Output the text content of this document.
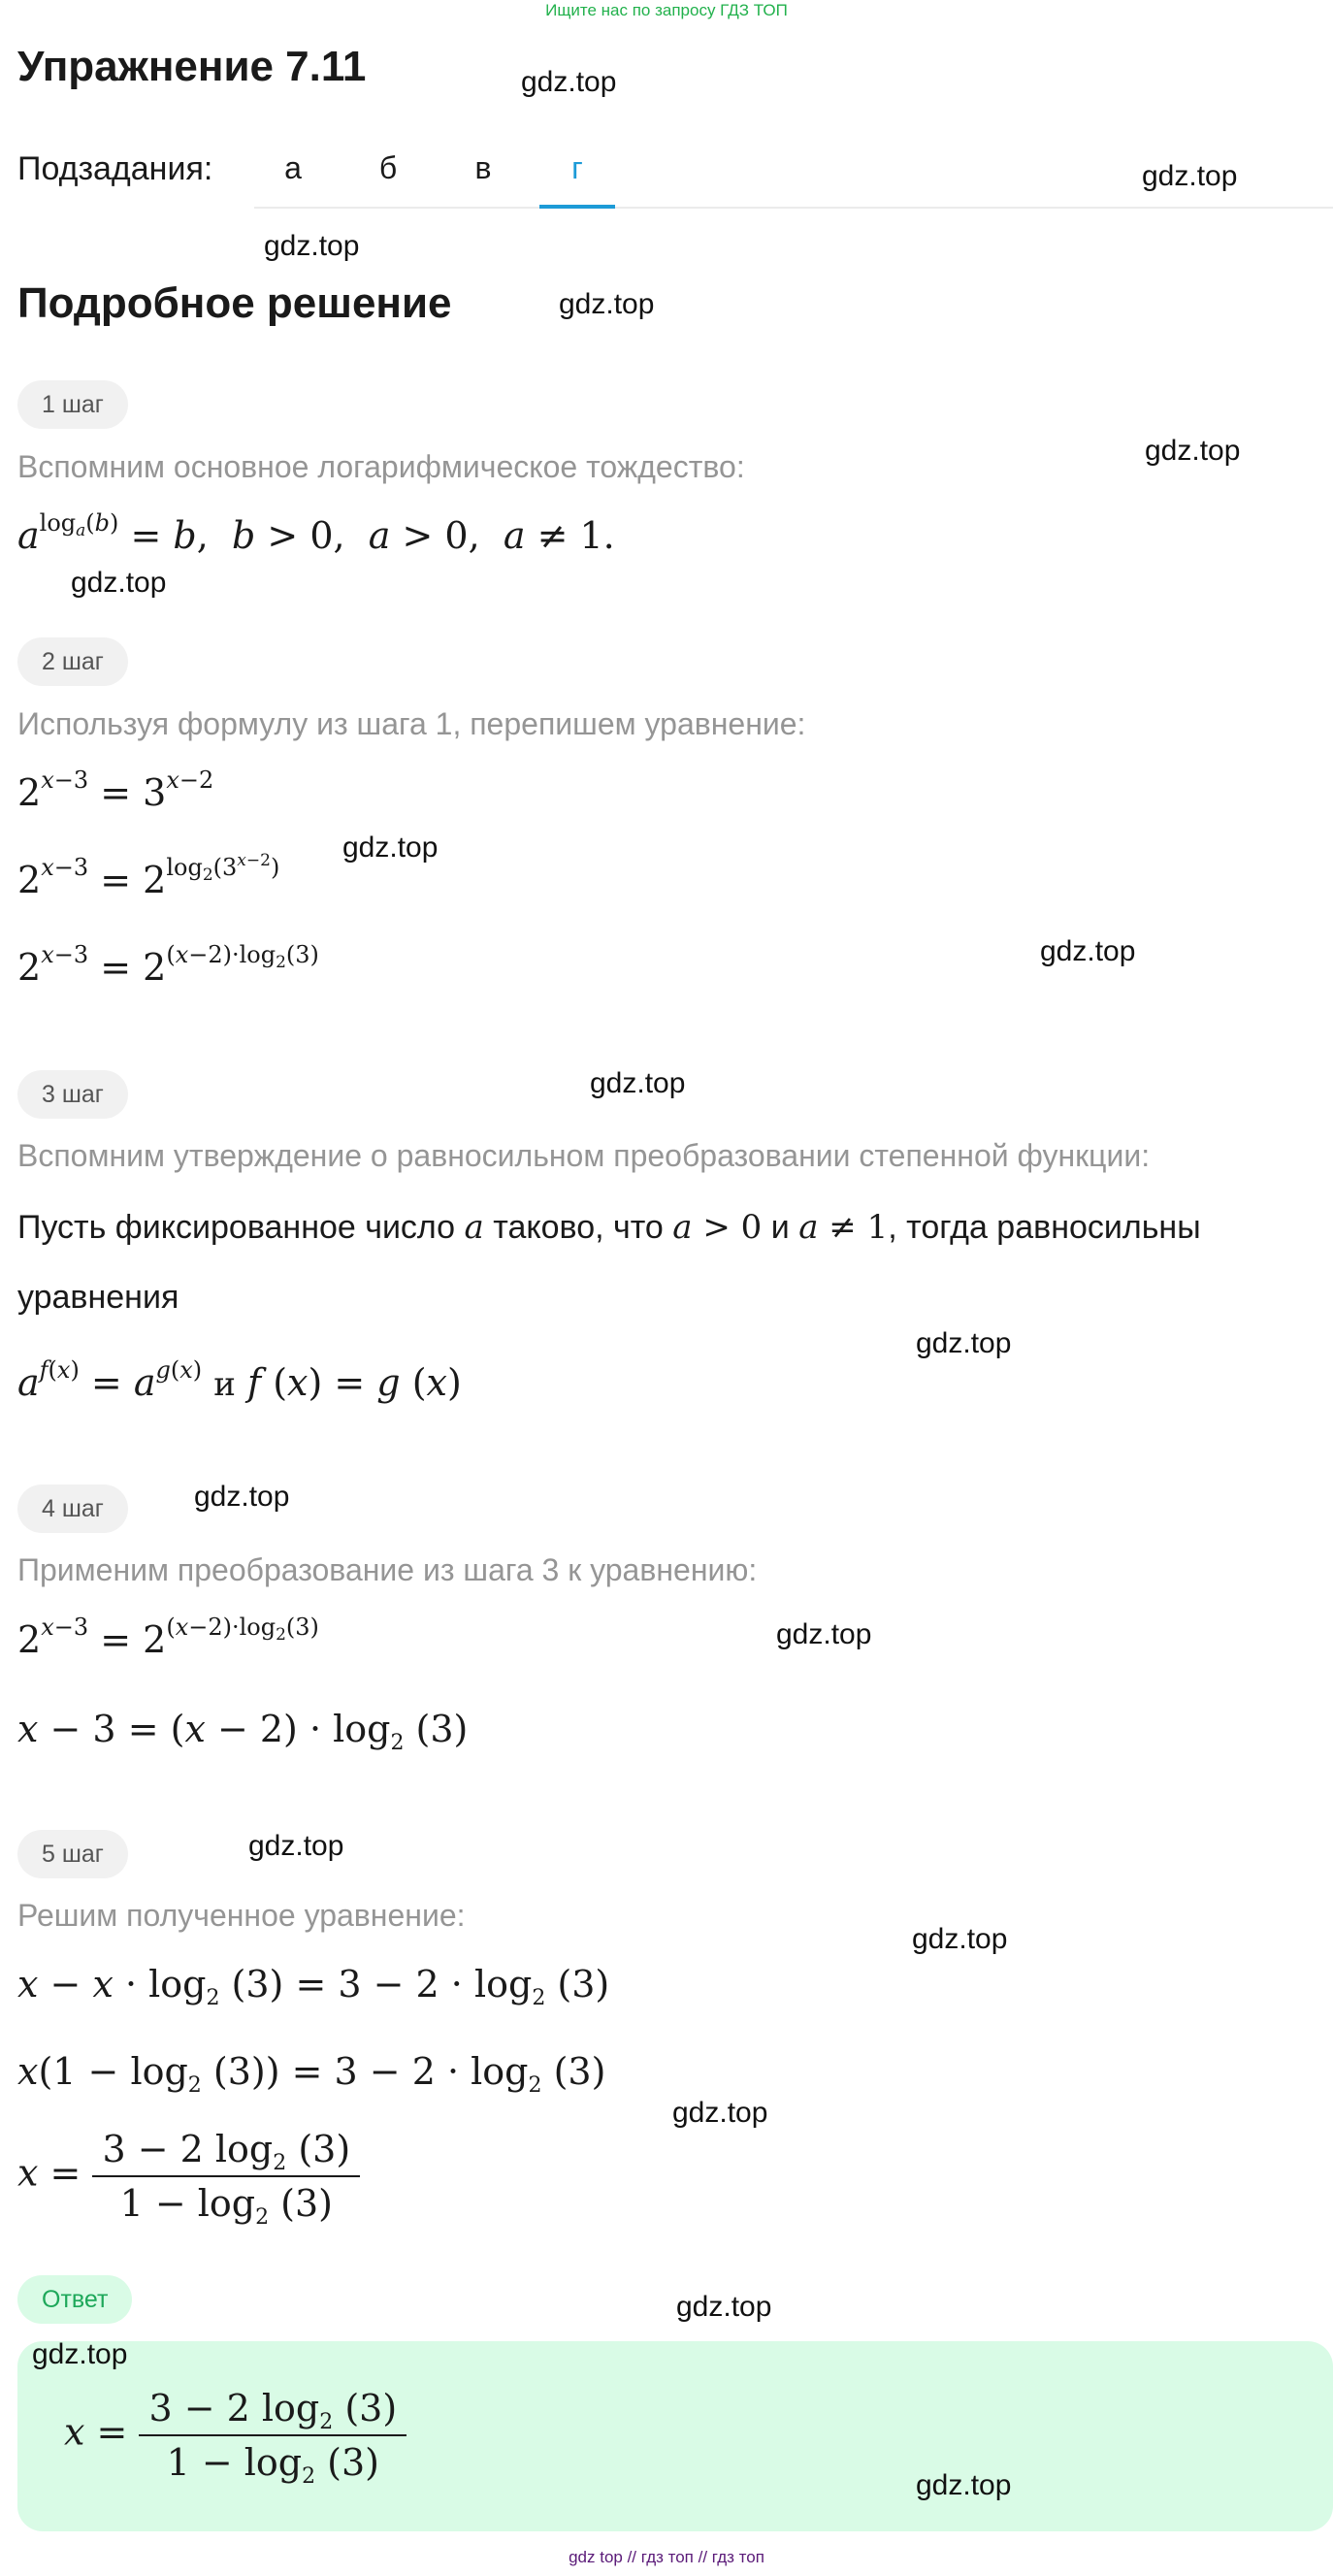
Ищите нас по запросу ГДЗ ТОП
Упражнение 7.11
Подзадания:	а	б	в	г
Подробное решение
1 шаг
Вспомним основное логарифмическое тождество:
$a^{log_a(b)} = b$,  b > 0,  a > 0,  a ≠ 1.
2 шаг
Используя формулу из шага 1, перепишем уравнение:
$2^{x-3} = 3^{x-2}$
$2^{x-3} = 2^{log_2(3^{x-2})}$
$2^{x-3} = 2^{(x-2)\cdot log_2(3)}$
3 шаг
Вспомним утверждение о равносильном преобразовании степенной функции:
Пусть фиксированное число a таково, что a > 0 и a ≠ 1, тогда равносильны
уравнения
$a^{f(x)} = a^{g(x)}$ и f (x) = g (x)
4 шаг
Применим преобразование из шага 3 к уравнению:
$2^{x-3} = 2^{(x-2)\cdot log_2(3)}$
$x - 3 = (x - 2) \cdot \log_2 (3)$
5 шаг
Решим полученное уравнение:
$x - x \cdot \log_2 (3) = 3 - 2 \cdot \log_2 (3)$
$x(1 - \log_2 (3)) = 3 - 2 \cdot \log_2 (3)$
$x = \frac{3 - 2 \log_2 (3)}{1 - \log_2 (3)}$
Ответ
$x = \frac{3 - 2 \log_2 (3)}{1 - \log_2 (3)}$
gdz.top
gdz.top
gdz.top
gdz.top
gdz.top
gdz.top
gdz.top
gdz.top
gdz.top
gdz.top
gdz.top
gdz.top
gdz.top
gdz.top
gdz.top
gdz.top
gdz.top
gdz.top
gdz top // гдз топ // гдз топ
